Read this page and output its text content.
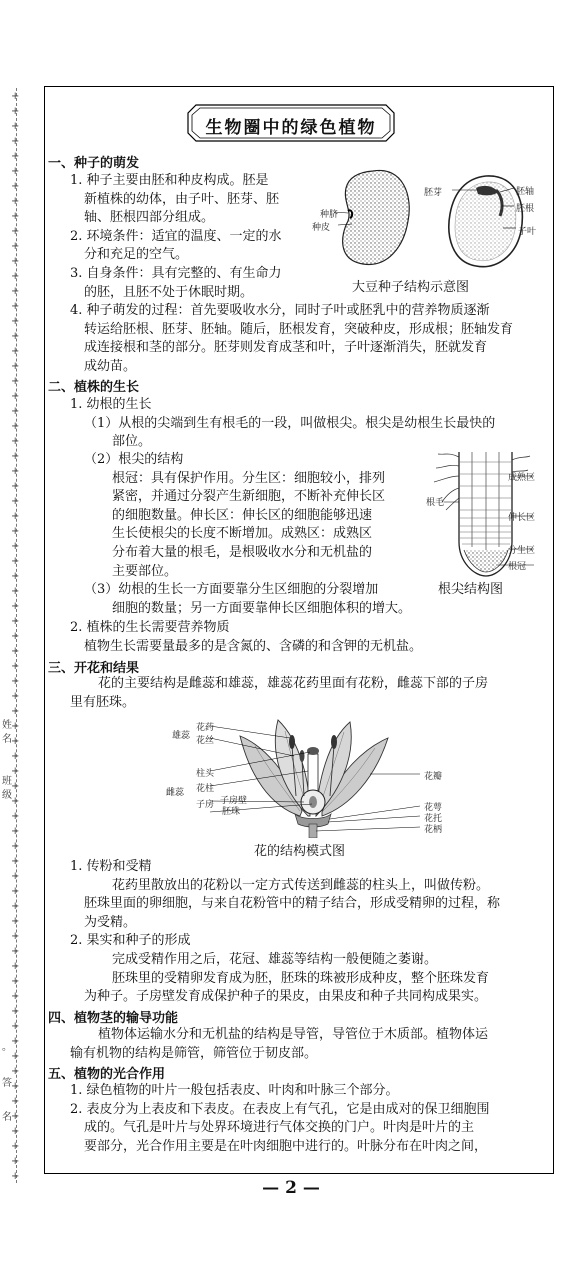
+
+
+
+
+
+
+
+
+
+
+
+
+
+
+
+
+
+
+
+
+
+
+
+
+
+
+
+
+
+
+
+
+
+
+
+
+
+
+
+
+
+
+
+
+
+
+
+
+
+
+
+
+
+
+
+
+
+
+
+
+
+
+
+
+
+
+
+
+
+
+
+
+
姓
名
班
级
。
答
名
生物圈中的绿色植物
一、种子的萌发
1. 种子主要由胚和种皮构成。胚是
新植株的幼体，由子叶、胚芽、胚
轴、胚根四部分组成。
2. 环境条件：适宜的温度、一定的水
分和充足的空气。
3. 自身条件：具有完整的、有生命力
的胚，且胚不处于休眠时期。
4. 种子萌发的过程：首先要吸收水分，同时子叶或胚乳中的营养物质逐渐
转运给胚根、胚芽、胚轴。随后，胚根发育，突破种皮，形成根；胚轴发育
成连接根和茎的部分。胚芽则发育成茎和叶，子叶逐渐消失，胚就发育
成幼苗。
种脐
种皮
胚芽	胚轴
胚根
子叶
大豆种子结构示意图
二、植株的生长
1. 幼根的生长
（1）从根的尖端到生有根毛的一段，叫做根尖。根尖是幼根生长最快的
部位。
（2）根尖的结构
根冠：具有保护作用。分生区：细胞较小，排列
紧密，并通过分裂产生新细胞，不断补充伸长区
的细胞数量。伸长区：伸长区的细胞能够迅速
生长使根尖的长度不断增加。成熟区：成熟区
分布着大量的根毛，是根吸收水分和无机盐的
主要部位。
（3）幼根的生长一方面要靠分生区细胞的分裂增加
细胞的数量；另一方面要靠伸长区细胞体积的增大。
2. 植株的生长需要营养物质
植物生长需要量最多的是含氮的、含磷的和含钾的无机盐。
根毛
成熟区
伸长区
分生区
根冠
根尖结构图
三、开花和结果
花的主要结构是雌蕊和雄蕊，雄蕊花药里面有花粉，雌蕊下部的子房
里有胚珠。
雄蕊
花药
花丝
雌蕊
柱头
花柱
子房 子房壁
胚珠
花瓣
花萼
花托
花柄
花的结构模式图
1. 传粉和受精
花药里散放出的花粉以一定方式传送到雌蕊的柱头上，叫做传粉。
胚珠里面的卵细胞，与来自花粉管中的精子结合，形成受精卵的过程，称
为受精。
2. 果实和种子的形成
完成受精作用之后，花冠、雄蕊等结构一般便随之萎谢。
胚珠里的受精卵发育成为胚，胚珠的珠被形成种皮，整个胚珠发育
为种子。子房壁发育成保护种子的果皮，由果皮和种子共同构成果实。
四、植物茎的输导功能
植物体运输水分和无机盐的结构是导管，导管位于木质部。植物体运
输有机物的结构是筛管，筛管位于韧皮部。
五、植物的光合作用
1. 绿色植物的叶片一般包括表皮、叶肉和叶脉三个部分。
2. 表皮分为上表皮和下表皮。在表皮上有气孔，它是由成对的保卫细胞围
成的。气孔是叶片与处界环境进行气体交换的门户。叶肉是叶片的主
要部分，光合作用主要是在叶肉细胞中进行的。叶脉分布在叶肉之间，
— 2 —
